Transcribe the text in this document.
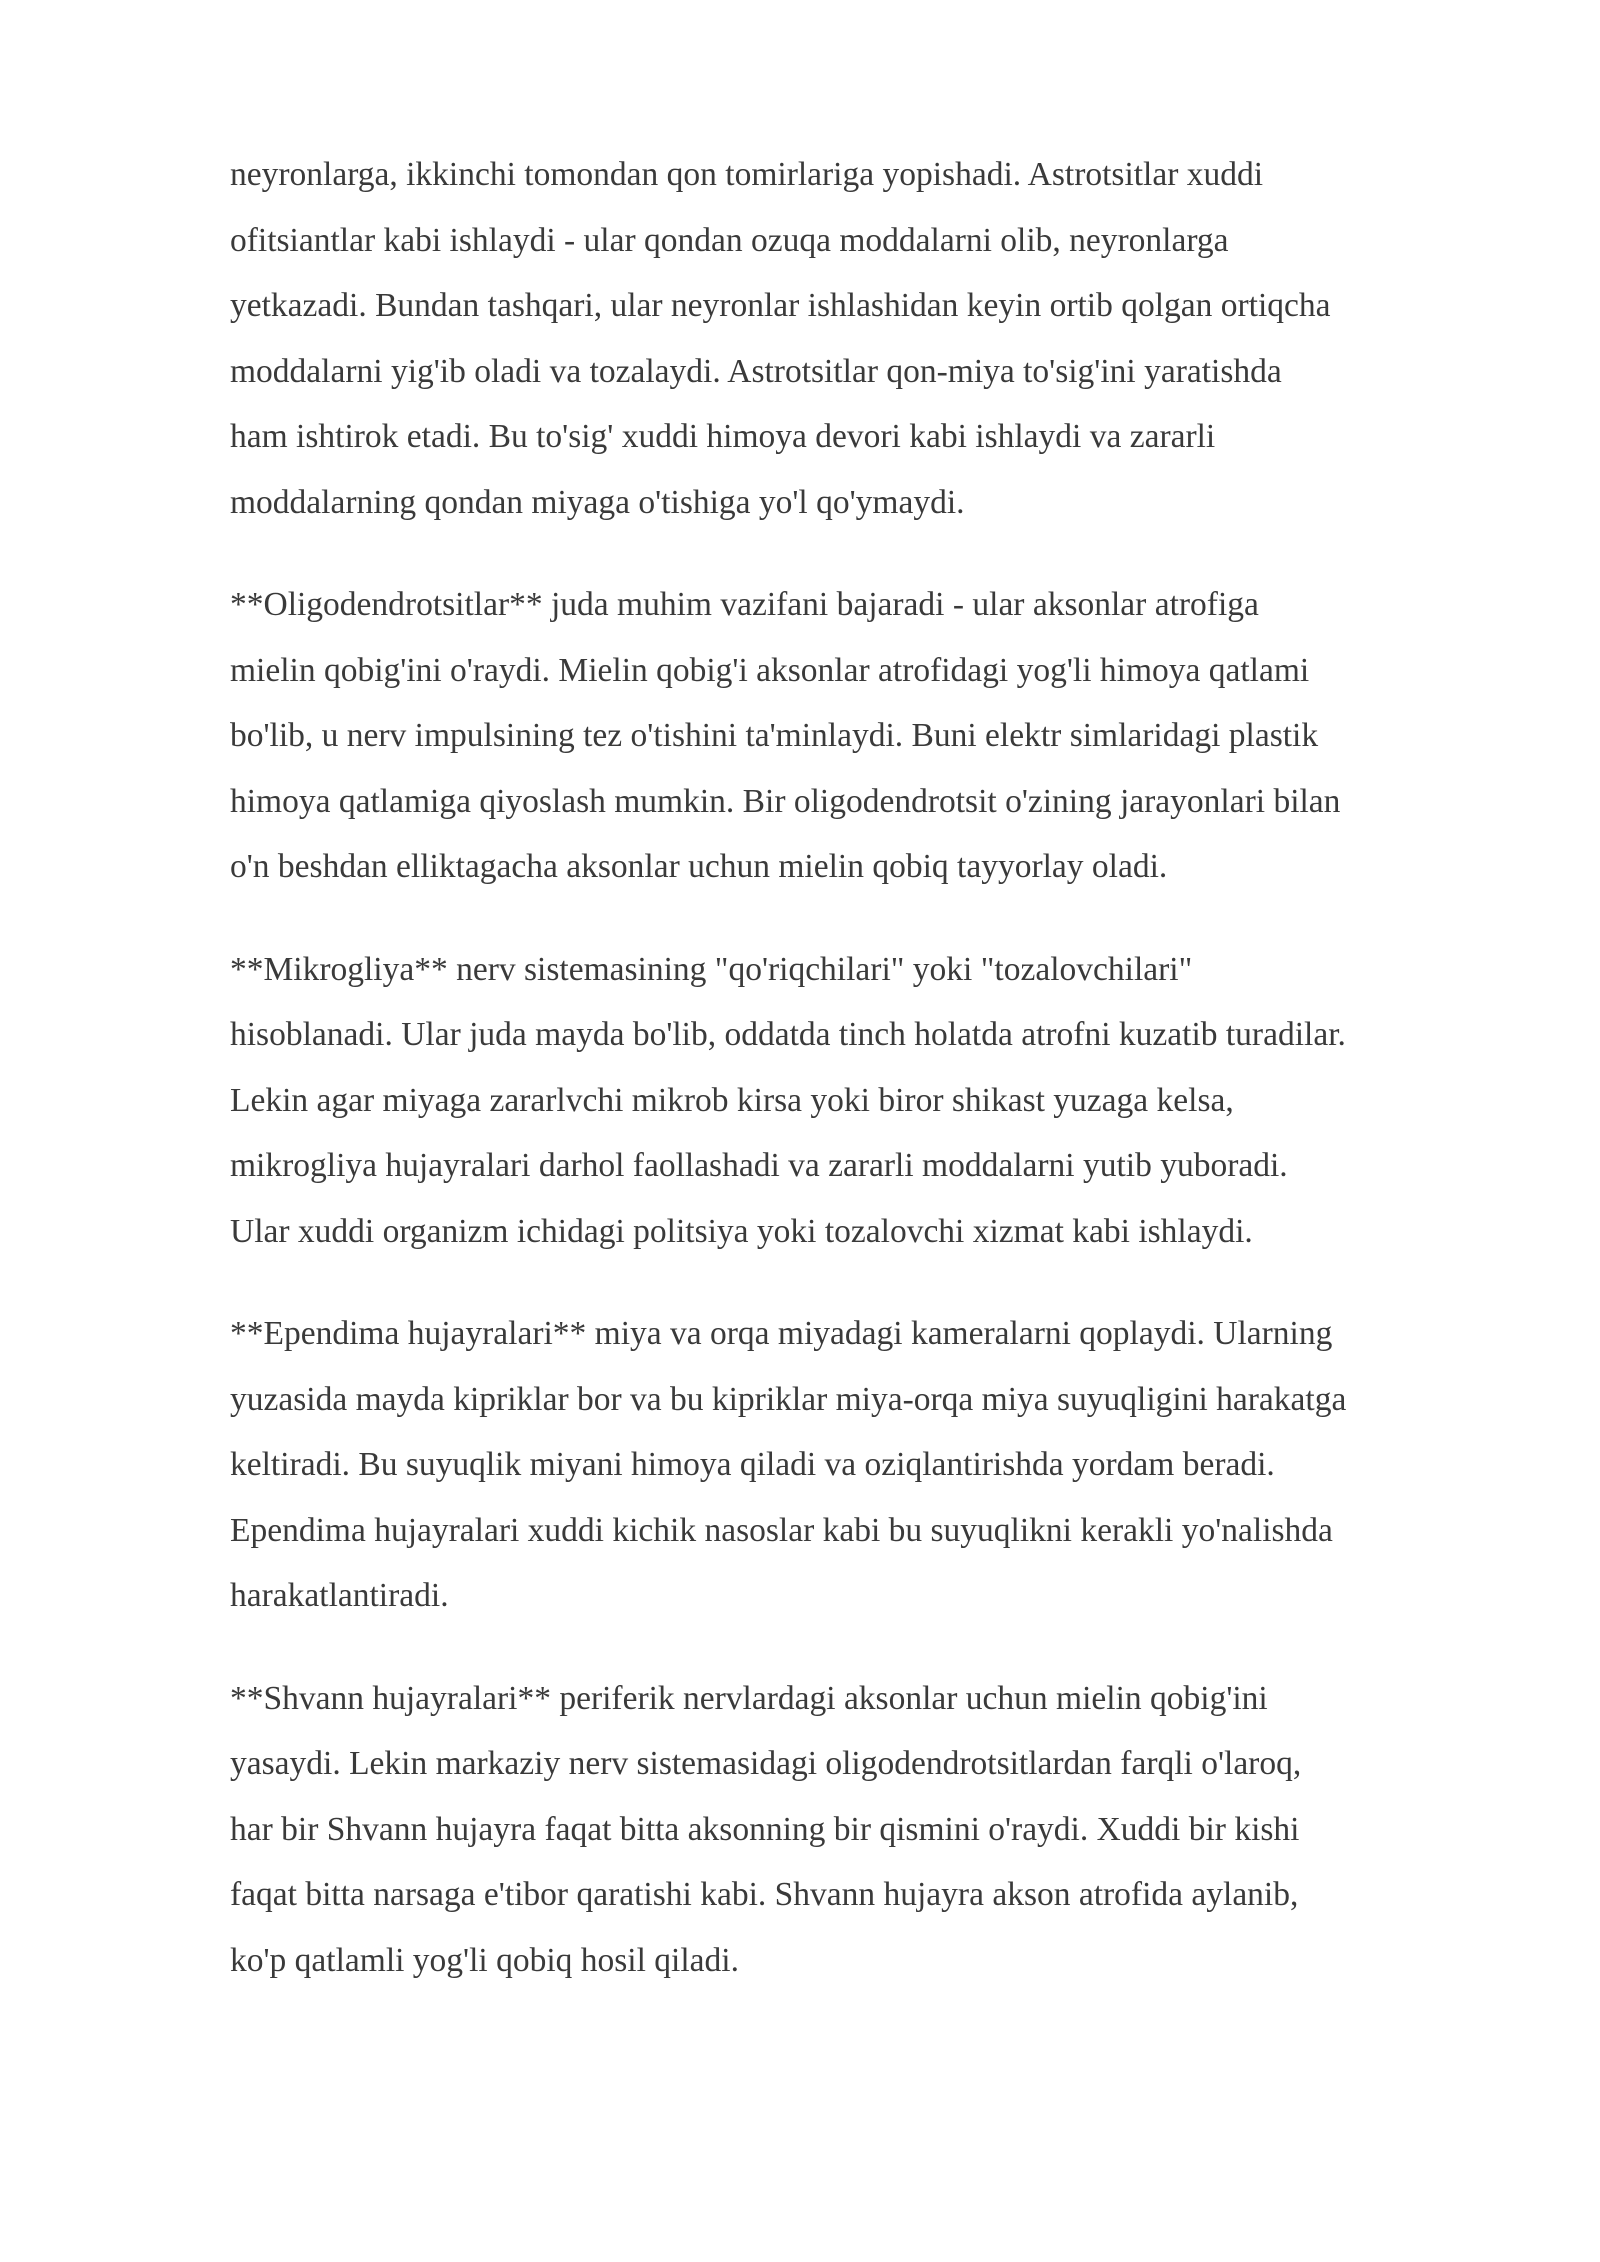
neyronlarga, ikkinchi tomondan qon tomirlariga yopishadi. Astrotsitlar xuddi
ofitsiantlar kabi ishlaydi - ular qondan ozuqa moddalarni olib, neyronlarga
yetkazadi. Bundan tashqari, ular neyronlar ishlashidan keyin ortib qolgan ortiqcha
moddalarni yig'ib oladi va tozalaydi. Astrotsitlar qon-miya to'sig'ini yaratishda
ham ishtirok etadi. Bu to'sig' xuddi himoya devori kabi ishlaydi va zararli
moddalarning qondan miyaga o'tishiga yo'l qo'ymaydi.

**Oligodendrotsitlar** juda muhim vazifani bajaradi - ular aksonlar atrofiga
mielin qobig'ini o'raydi. Mielin qobig'i aksonlar atrofidagi yog'li himoya qatlami
bo'lib, u nerv impulsining tez o'tishini ta'minlaydi. Buni elektr simlaridagi plastik
himoya qatlamiga qiyoslash mumkin. Bir oligodendrotsit o'zining jarayonlari bilan
o'n beshdan elliktagacha aksonlar uchun mielin qobiq tayyorlay oladi.

**Mikrogliya** nerv sistemasining "qo'riqchilari" yoki "tozalovchilari"
hisoblanadi. Ular juda mayda bo'lib, oddatda tinch holatda atrofni kuzatib turadilar.
Lekin agar miyaga zararlvchi mikrob kirsa yoki biror shikast yuzaga kelsa,
mikrogliya hujayralari darhol faollashadi va zararli moddalarni yutib yuboradi.
Ular xuddi organizm ichidagi politsiya yoki tozalovchi xizmat kabi ishlaydi.

**Ependima hujayralari** miya va orqa miyadagi kameralarni qoplaydi. Ularning
yuzasida mayda kipriklar bor va bu kipriklar miya-orqa miya suyuqligini harakatga
keltiradi. Bu suyuqlik miyani himoya qiladi va oziqlantirishda yordam beradi.
Ependima hujayralari xuddi kichik nasoslar kabi bu suyuqlikni kerakli yo'nalishda
harakatlantiradi.

**Shvann hujayralari** periferik nervlardagi aksonlar uchun mielin qobig'ini
yasaydi. Lekin markaziy nerv sistemasidagi oligodendrotsitlardan farqli o'laroq,
har bir Shvann hujayra faqat bitta aksonning bir qismini o'raydi. Xuddi bir kishi
faqat bitta narsaga e'tibor qaratishi kabi. Shvann hujayra akson atrofida aylanib,
ko'p qatlamli yog'li qobiq hosil qiladi.
